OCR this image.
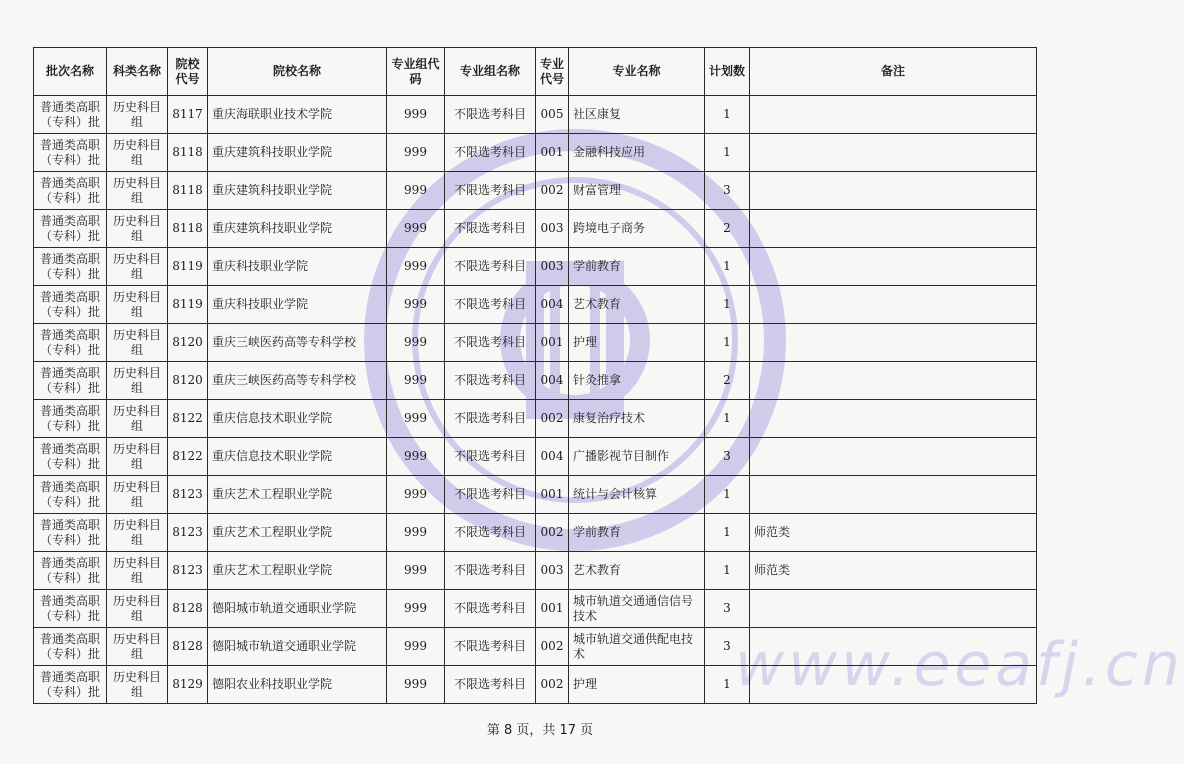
www.eeafj.cn
批次名称	科类名称	院校代号	院校名称	专业组代码	专业组名称	专业代号	专业名称	计划数	备注
普通类高职（专科）批	历史科目组	8117	重庆海联职业技术学院	999	不限选考科目	005	社区康复	1	
普通类高职（专科）批	历史科目组	8118	重庆建筑科技职业学院	999	不限选考科目	001	金融科技应用	1	
普通类高职（专科）批	历史科目组	8118	重庆建筑科技职业学院	999	不限选考科目	002	财富管理	3	
普通类高职（专科）批	历史科目组	8118	重庆建筑科技职业学院	999	不限选考科目	003	跨境电子商务	2	
普通类高职（专科）批	历史科目组	8119	重庆科技职业学院	999	不限选考科目	003	学前教育	1	
普通类高职（专科）批	历史科目组	8119	重庆科技职业学院	999	不限选考科目	004	艺术教育	1	
普通类高职（专科）批	历史科目组	8120	重庆三峡医药高等专科学校	999	不限选考科目	001	护理	1	
普通类高职（专科）批	历史科目组	8120	重庆三峡医药高等专科学校	999	不限选考科目	004	针灸推拿	2	
普通类高职（专科）批	历史科目组	8122	重庆信息技术职业学院	999	不限选考科目	002	康复治疗技术	1	
普通类高职（专科）批	历史科目组	8122	重庆信息技术职业学院	999	不限选考科目	004	广播影视节目制作	3	
普通类高职（专科）批	历史科目组	8123	重庆艺术工程职业学院	999	不限选考科目	001	统计与会计核算	1	
普通类高职（专科）批	历史科目组	8123	重庆艺术工程职业学院	999	不限选考科目	002	学前教育	1	师范类
普通类高职（专科）批	历史科目组	8123	重庆艺术工程职业学院	999	不限选考科目	003	艺术教育	1	师范类
普通类高职（专科）批	历史科目组	8128	德阳城市轨道交通职业学院	999	不限选考科目	001	城市轨道交通通信信号技术	3	
普通类高职（专科）批	历史科目组	8128	德阳城市轨道交通职业学院	999	不限选考科目	002	城市轨道交通供配电技术	3	
普通类高职（专科）批	历史科目组	8129	德阳农业科技职业学院	999	不限选考科目	002	护理	1	
第 8 页，共 17 页
